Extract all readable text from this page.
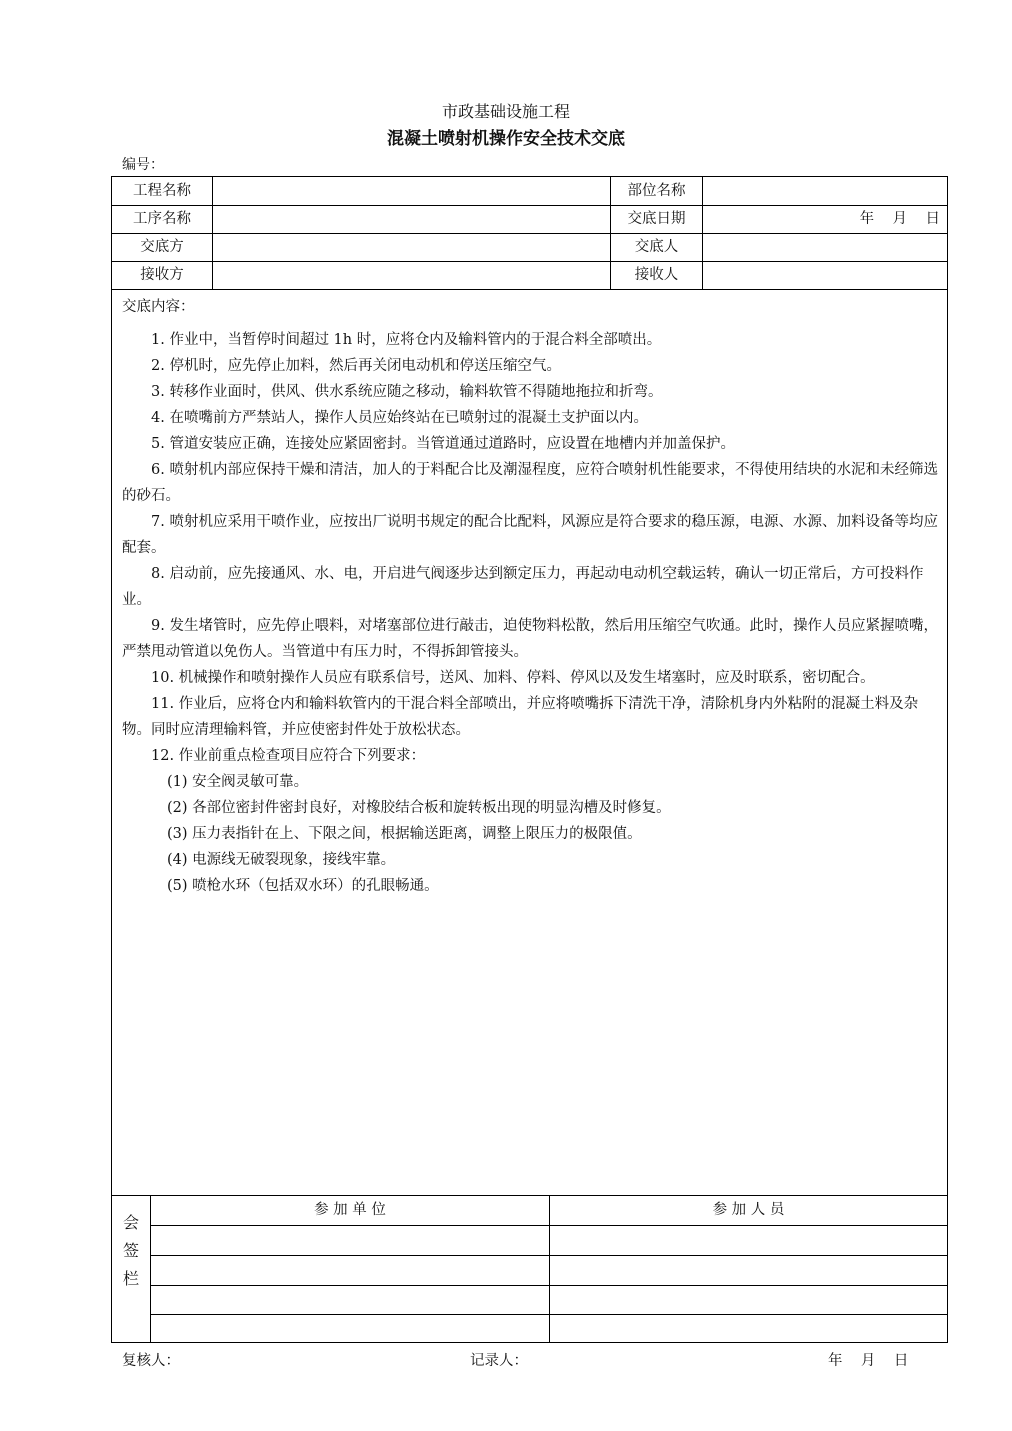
市政基础设施工程
混凝土喷射机操作安全技术交底
编号：
工程名称	部位名称
工序名称	交底日期	年    月    日
交底方	交底人
接收方	接收人
交底内容：

1. 作业中，当暂停时间超过 1h 时，应将仓内及输料管内的于混合料全部喷出。

2. 停机时，应先停止加料，然后再关闭电动机和停送压缩空气。

3. 转移作业面时，供风、供水系统应随之移动，输料软管不得随地拖拉和折弯。

4. 在喷嘴前方严禁站人，操作人员应始终站在已喷射过的混凝土支护面以内。

5. 管道安装应正确，连接处应紧固密封。当管道通过道路时，应设置在地槽内并加盖保护。

6. 喷射机内部应保持干燥和清洁，加人的于料配合比及潮湿程度，应符合喷射机性能要求，不得使用结块的水泥和未经筛选的砂石。

7. 喷射机应采用干喷作业，应按出厂说明书规定的配合比配料，风源应是符合要求的稳压源，电源、水源、加料设备等均应配套。

8. 启动前，应先接通风、水、电，开启进气阀逐步达到额定压力，再起动电动机空载运转，确认一切正常后，方可投料作业。

9. 发生堵管时，应先停止喂料，对堵塞部位进行敲击，迫使物料松散，然后用压缩空气吹通。此时，操作人员应紧握喷嘴，严禁甩动管道以免伤人。当管道中有压力时，不得拆卸管接头。

10. 机械操作和喷射操作人员应有联系信号，送风、加料、停料、停风以及发生堵塞时，应及时联系，密切配合。

11. 作业后，应将仓内和输料软管内的干混合料全部喷出，并应将喷嘴拆下清洗干净，清除机身内外粘附的混凝土料及杂物。同时应清理输料管，并应使密封件处于放松状态。

12. 作业前重点检查项目应符合下列要求：

(1) 安全阀灵敏可靠。

(2) 各部位密封件密封良好，对橡胶结合板和旋转板出现的明显沟槽及时修复。

(3) 压力表指针在上、下限之间，根据输送距离，调整上限压力的极限值。

(4) 电源线无破裂现象，接线牢靠。

(5) 喷枪水环（包括双水环）的孔眼畅通。

会
签
栏
参 加 单 位	参 加 人 员
复核人：	记录人：	年    月    日
